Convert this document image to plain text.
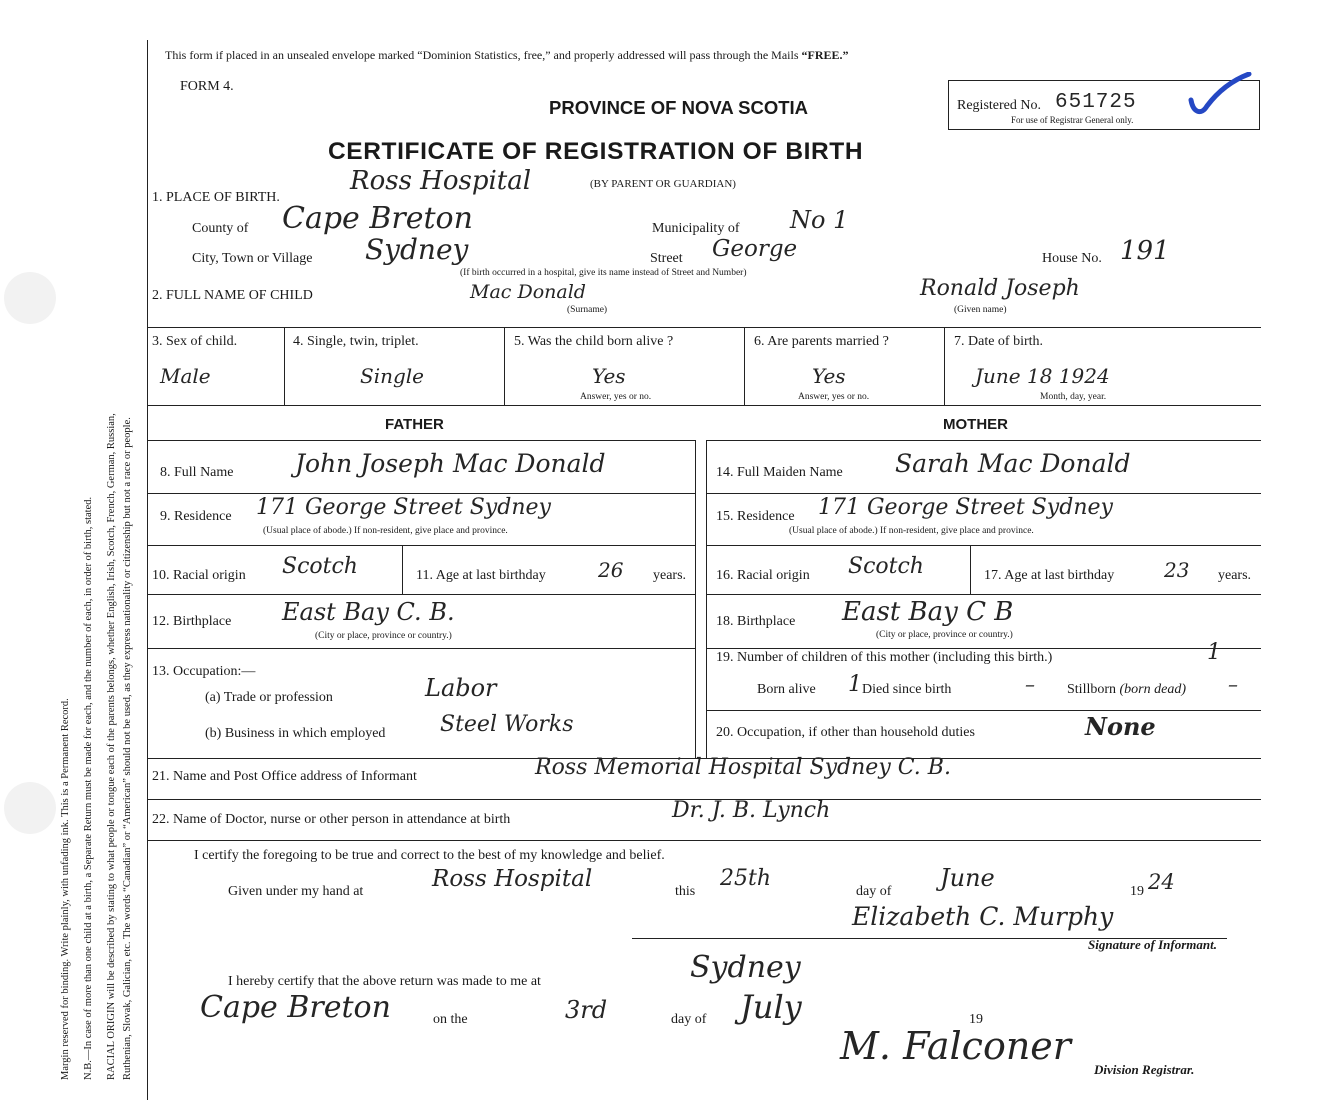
Margin reserved for binding. Write plainly, with unfading ink. This is a Permanent Record. N.B.—In case of more than one child at a birth, a Separate Return must be made for each, and the number of each, in order of birth, stated. RACIAL ORIGIN will be described by stating to what people or tongue each of the parents belongs, whether English, Irish, Scotch, French, German, Russian, Ruthenian, Slovak, Galician, etc. The words “Canadian” or “American” should not be used, as they express nationality or citizenship but not a race or people.
This form if placed in an unsealed envelope marked “Dominion Statistics, free,” and properly addressed will pass through the Mails “FREE.”
FORM 4.
PROVINCE OF NOVA SCOTIA
CERTIFICATE OF REGISTRATION OF BIRTH
(BY PARENT OR GUARDIAN)
Registered No. 651725
For use of Registrar General only.
1. PLACE OF BIRTH.
Ross Hospital
County of Cape Breton	Municipality of No 1
City, Town or Village Sydney	Street George
(If birth occurred in a hospital, give its name instead of Street and Number)
House No. 191
2. FULL NAME OF CHILD	Mac Donald
(Surname)
Ronald Joseph
(Given name)
3. Sex of child.
Male
4. Single, twin, triplet.
Single
5. Was the child born alive ?
Yes
Answer, yes or no.
6. Are parents married ?
Yes
Answer, yes or no.
7. Date of birth.
June 18 1924
Month, day, year.
FATHER
8. Full Name John Joseph Mac Donald
9. Residence 171 George Street Sydney
(Usual place of abode.) If non-resident, give place and province.
10. Racial origin Scotch	11. Age at last birthday	26 years.
12. Birthplace East Bay C. B.
(City or place, province or country.)
13. Occupation:—
(a) Trade or profession	Labor
(b) Business in which employed Steel Works
MOTHER
14. Full Maiden Name Sarah Mac Donald
15. Residence 171 George Street Sydney
(Usual place of abode.) If non-resident, give place and province.
16. Racial origin Scotch	17. Age at last birthday 23 years.
18. Birthplace East Bay C B
(City or place, province or country.)
19. Number of children of this mother (including this birth.)	1
Born alive 1 Died since birth	– Stillborn (born dead) –
20. Occupation, if other than household duties	None
21. Name and Post Office address of Informant	Ross Memorial Hospital Sydney C. B.
22. Name of Doctor, nurse or other person in attendance at birth	Dr. J. B. Lynch
I certify the foregoing to be true and correct to the best of my knowledge and belief.
Given under my hand at	Ross Hospital	this
25th
day of June	19 24
Elizabeth C. Murphy
Signature of Informant.
I hereby certify that the above return was made to me at	Sydney
Cape Breton	on the	3rd	day of July	19
M. Falconer
Division Registrar.
